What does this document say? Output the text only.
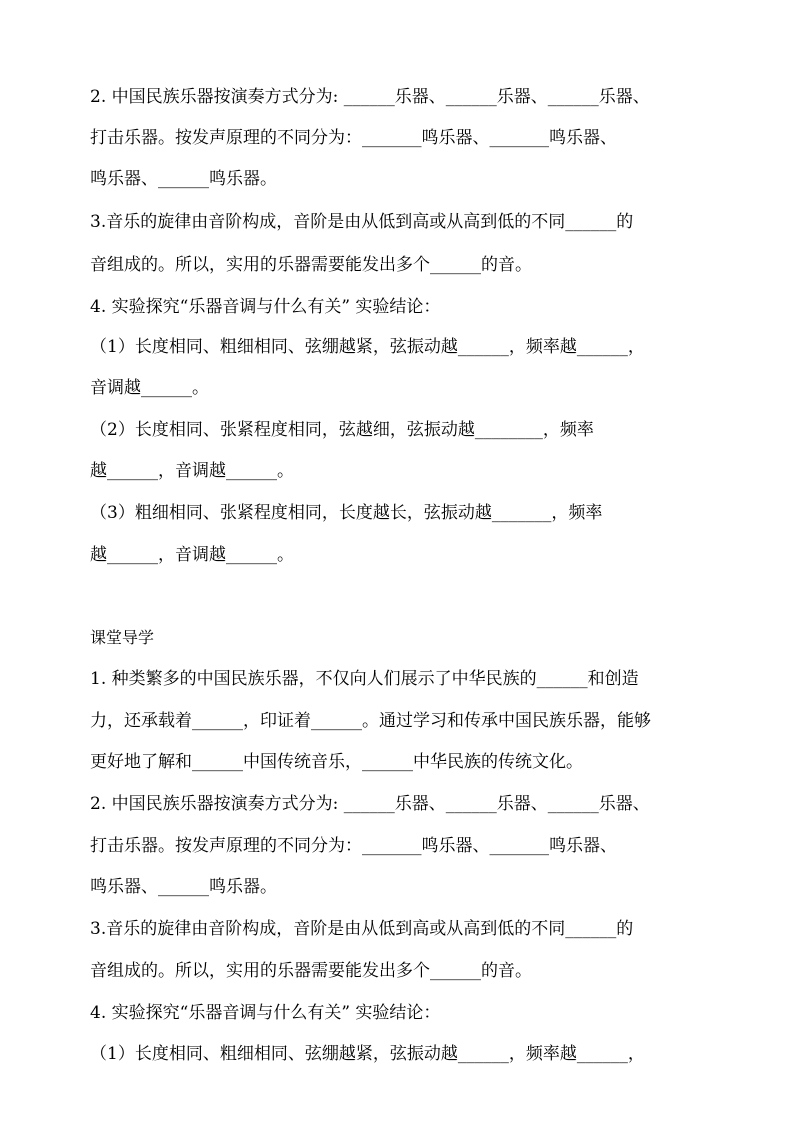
2. 中国民族乐器按演奏方式分为: ______乐器、______乐器、______乐器、
打击乐器。按发声原理的不同分为：_______鸣乐器、_______鸣乐器、
鸣乐器、______鸣乐器。
3.音乐的旋律由音阶构成，音阶是由从低到高或从高到低的不同______的
音组成的。所以，实用的乐器需要能发出多个______的音。
4. 实验探究“乐器音调与什么有关” 实验结论：
（1）长度相同、粗细相同、弦绷越紧，弦振动越______，频率越______，
音调越______。
（2）长度相同、张紧程度相同，弦越细，弦振动越________，频率
越______，音调越______。
（3）粗细相同、张紧程度相同，长度越长，弦振动越_______，频率
越______，音调越______。
课堂导学
1. 种类繁多的中国民族乐器，不仅向人们展示了中华民族的______和创造
力，还承载着______，印证着______。通过学习和传承中国民族乐器，能够
更好地了解和______中国传统音乐，______中华民族的传统文化。
2. 中国民族乐器按演奏方式分为: ______乐器、______乐器、______乐器、
打击乐器。按发声原理的不同分为：_______鸣乐器、_______鸣乐器、
鸣乐器、______鸣乐器。
3.音乐的旋律由音阶构成，音阶是由从低到高或从高到低的不同______的
音组成的。所以，实用的乐器需要能发出多个______的音。
4. 实验探究“乐器音调与什么有关” 实验结论：
（1）长度相同、粗细相同、弦绷越紧，弦振动越______，频率越______，
